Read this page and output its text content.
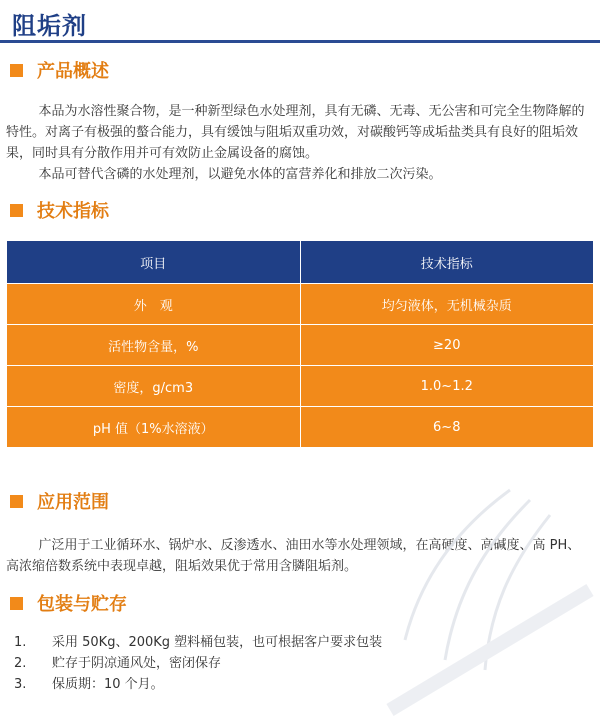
阻垢剂
产品概述

本品为水溶性聚合物，是一种新型绿色水处理剂，具有无磷、无毒、无公害和可完全生物降解的特性。对离子有极强的螯合能力，具有缓蚀与阻垢双重功效，对碳酸钙等成垢盐类具有良好的阻垢效果，同时具有分散作用并可有效防止金属设备的腐蚀。

本品可替代含磷的水处理剂，以避免水体的富营养化和排放二次污染。

技术指标
项目	技术指标
外　观	均匀液体，无机械杂质
活性物含量，%	≥20
密度，g/cm3	1.0~1.2
pH 值（1%水溶液）	6~8
应用范围

广泛用于工业循环水、锅炉水、反渗透水、油田水等水处理领域，在高硬度、高碱度、高 PH、高浓缩倍数系统中表现卓越，阻垢效果优于常用含膦阻垢剂。

包装与贮存
1.	采用 50Kg、200Kg 塑料桶包装，也可根据客户要求包装
2.	贮存于阴凉通风处，密闭保存
3.	保质期：10 个月。
